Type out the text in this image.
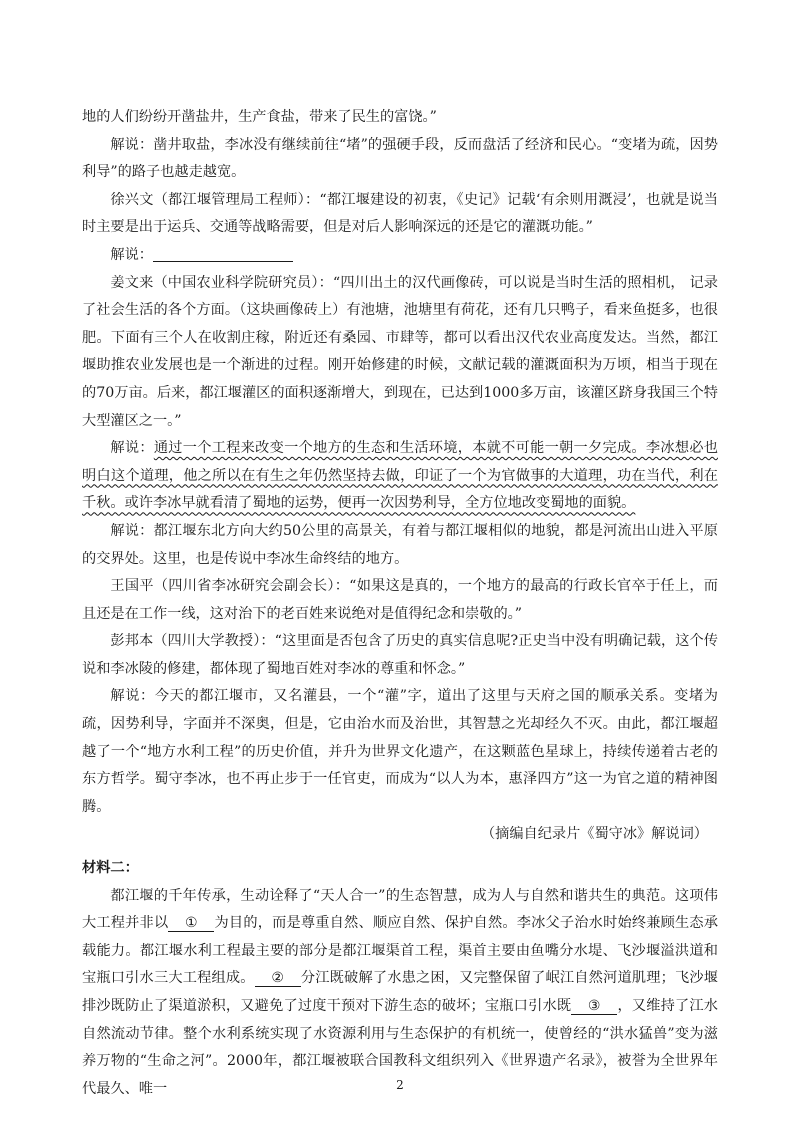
地的人们纷纷开凿盐井，生产食盐，带来了民生的富饶。”

解说：凿井取盐，李冰没有继续前往“堵”的强硬手段，反而盘活了经济和民心。“变堵为疏，因势利导”的路子也越走越宽。

徐兴文（都江堰管理局工程师）：“都江堰建设的初衷，《史记》记载‘有余则用溉浸’，也就是说当时主要是出于运兵、交通等战略需要，但是对后人影响深远的还是它的灌溉功能。”

解说：

姜文来（中国农业科学院研究员）：“四川出土的汉代画像砖，可以说是当时生活的照相机， 记录了社会生活的各个方面。（这块画像砖上）有池塘，池塘里有荷花，还有几只鸭子，看来鱼挺多，也很肥。下面有三个人在收割庄稼，附近还有桑园、市肆等，都可以看出汉代农业高度发达。当然，都江堰助推农业发展也是一个渐进的过程。刚开始修建的时候，文献记载的灌溉面积为万顷，相当于现在的70万亩。后来，都江堰灌区的面积逐渐增大，到现在，已达到1000多万亩，该灌区跻身我国三个特大型灌区之一。”

解说：通过一个工程来改变一个地方的生态和生活环境，本就不可能一朝一夕完成。李冰想必也明白这个道理，他之所以在有生之年仍然坚持去做，印证了一个为官做事的大道理，功在当代，利在千秋。或许李冰早就看清了蜀地的运势，便再一次因势利导，全方位地改变蜀地的面貌。

解说：都江堰东北方向大约50公里的高景关，有着与都江堰相似的地貌，都是河流出山进入平原的交界处。这里，也是传说中李冰生命终结的地方。

王国平（四川省李冰研究会副会长）：“如果这是真的，一个地方的最高的行政长官卒于任上，而且还是在工作一线，这对治下的老百姓来说绝对是值得纪念和崇敬的。”

彭邦本（四川大学教授）：“这里面是否包含了历史的真实信息呢?正史当中没有明确记载，这个传说和李冰陵的修建，都体现了蜀地百姓对李冰的尊重和怀念。”

解说：今天的都江堰市，又名灌县，一个“灌”字，道出了这里与天府之国的顺承关系。变堵为疏，因势利导，字面并不深奥，但是，它由治水而及治世，其智慧之光却经久不灭。由此，都江堰超越了一个“地方水利工程”的历史价值，并升为世界文化遗产，在这颗蓝色星球上，持续传递着古老的东方哲学。蜀守李冰，也不再止步于一任官吏，而成为“以人为本，惠泽四方”这一为官之道的精神图腾。

（摘编自纪录片《蜀守冰》解说词）

材料二：

都江堰的千年传承，生动诠释了“天人合一”的生态智慧，成为人与自然和谐共生的典范。这项伟大工程并非以 ① 为目的，而是尊重自然、顺应自然、保护自然。李冰父子治水时始终兼顾生态承载能力。都江堰水利工程最主要的部分是都江堰渠首工程，渠首主要由鱼嘴分水堤、飞沙堰溢洪道和宝瓶口引水三大工程组成。 ② 分江既破解了水患之困，又完整保留了岷江自然河道肌理；飞沙堰排沙既防止了渠道淤积，又避免了过度干预对下游生态的破坏；宝瓶口引水既 ③ ，又维持了江水自然流动节律。整个水利系统实现了水资源利用与生态保护的有机统一，使曾经的“洪水猛兽”变为滋养万物的“生命之河”。2000年，都江堰被联合国教科文组织列入《世界遗产名录》，被誉为全世界年代最久、唯一	2
